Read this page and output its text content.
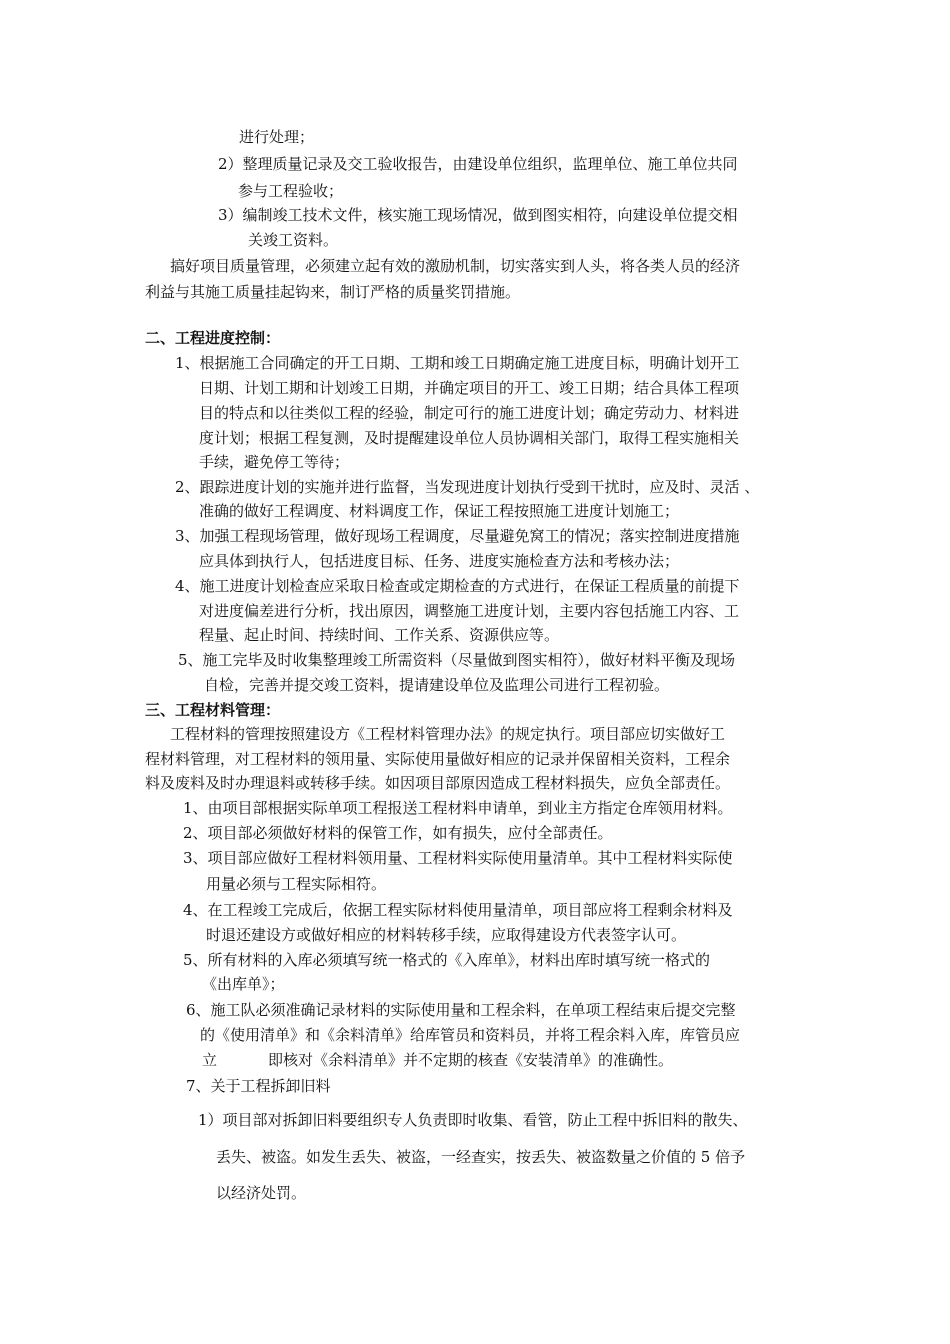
进行处理；
2）整理质量记录及交工验收报告，由建设单位组织，监理单位、施工单位共同
参与工程验收；
3）编制竣工技术文件，核实施工现场情况，做到图实相符，向建设单位提交相
关竣工资料。
搞好项目质量管理，必须建立起有效的激励机制，切实落实到人头，将各类人员的经济
利益与其施工质量挂起钩来，制订严格的质量奖罚措施。
二、工程进度控制：
1、根据施工合同确定的开工日期、工期和竣工日期确定施工进度目标，明确计划开工
日期、计划工期和计划竣工日期，并确定项目的开工、竣工日期；结合具体工程项
目的特点和以往类似工程的经验，制定可行的施工进度计划；确定劳动力、材料进
度计划；根据工程复测，及时提醒建设单位人员协调相关部门，取得工程实施相关
手续，避免停工等待；
2、跟踪进度计划的实施并进行监督，当发现进度计划执行受到干扰时，应及时、灵活 、
准确的做好工程调度、材料调度工作，保证工程按照施工进度计划施工；
3、加强工程现场管理，做好现场工程调度，尽量避免窝工的情况；落实控制进度措施
应具体到执行人，包括进度目标、任务、进度实施检查方法和考核办法；
4、施工进度计划检查应采取日检查或定期检查的方式进行，在保证工程质量的前提下
对进度偏差进行分析，找出原因，调整施工进度计划，主要内容包括施工内容、工
程量、起止时间、持续时间、工作关系、资源供应等。
5、施工完毕及时收集整理竣工所需资料（尽量做到图实相符），做好材料平衡及现场
自检，完善并提交竣工资料，提请建设单位及监理公司进行工程初验。
三、工程材料管理：
工程材料的管理按照建设方《工程材料管理办法》的规定执行。项目部应切实做好工
程材料管理，对工程材料的领用量、实际使用量做好相应的记录并保留相关资料，工程余
料及废料及时办理退料或转移手续。如因项目部原因造成工程材料损失，应负全部责任。
1、由项目部根据实际单项工程报送工程材料申请单，到业主方指定仓库领用材料。
2、项目部必须做好材料的保管工作，如有损失，应付全部责任。
3、项目部应做好工程材料领用量、工程材料实际使用量清单。其中工程材料实际使
用量必须与工程实际相符。
4、在工程竣工完成后，依据工程实际材料使用量清单，项目部应将工程剩余材料及
时退还建设方或做好相应的材料转移手续，应取得建设方代表签字认可。
5、所有材料的入库必须填写统一格式的《入库单》，材料出库时填写统一格式的
《出库单》；
6、施工队必须准确记录材料的实际使用量和工程余料，在单项工程结束后提交完整
的《使用清单》和《余料清单》给库管员和资料员，并将工程余料入库，库管员应
立	即核对《余料清单》并不定期的核查《安装清单》的准确性。
7、关于工程拆卸旧料
1）项目部对拆卸旧料要组织专人负责即时收集、看管，防止工程中拆旧料的散失、
丢失、被盗。如发生丢失、被盗，一经查实，按丢失、被盗数量之价值的 5 倍予
以经济处罚。
